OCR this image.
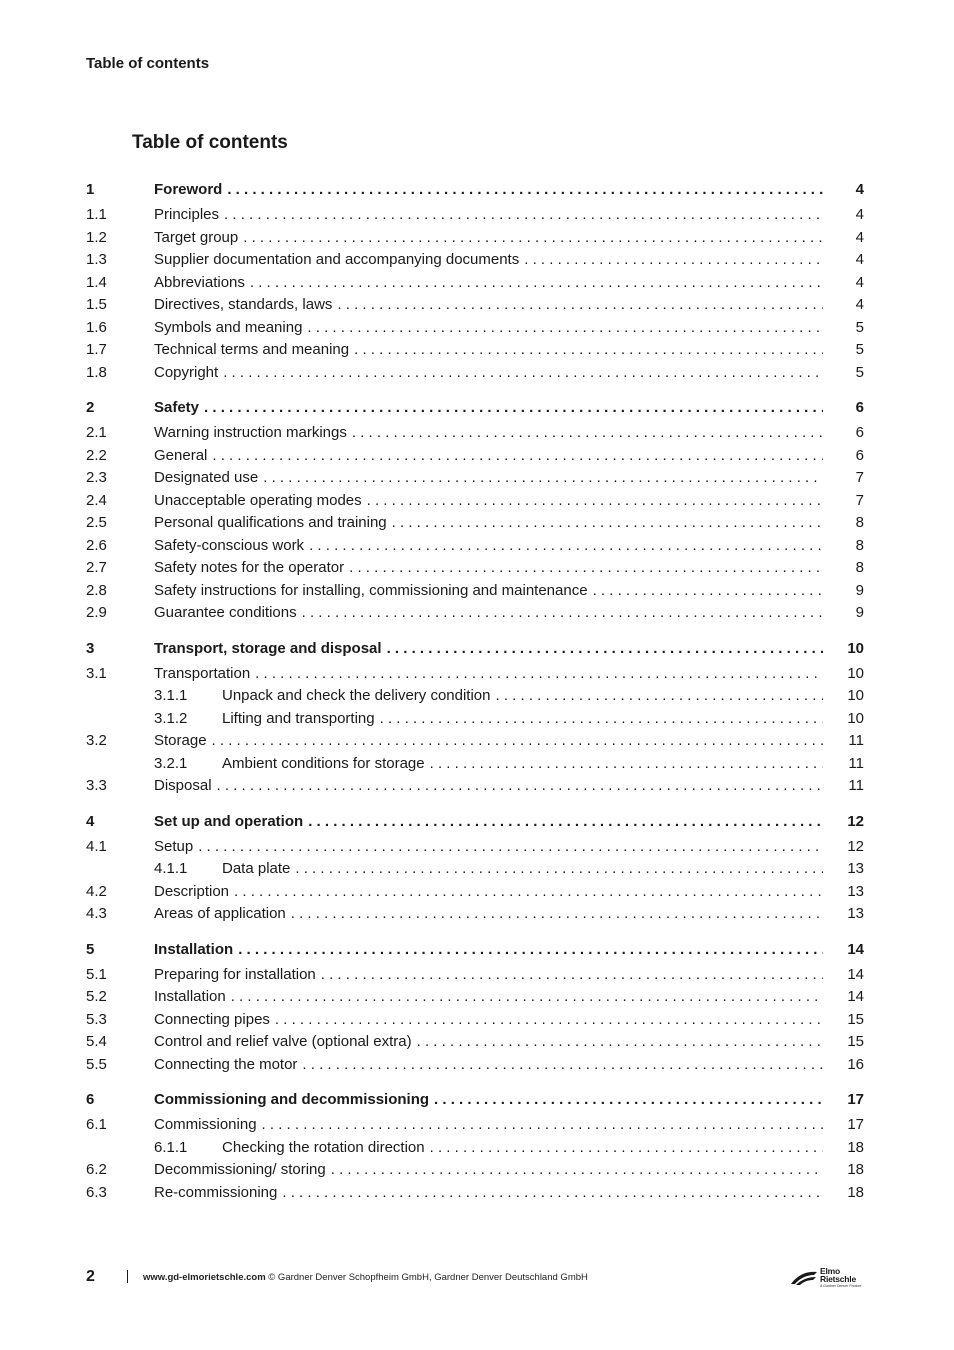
Table of contents
Table of contents
1	Foreword . . .	4
1.1	Principles . . .	4
1.2	Target group . . .	4
1.3	Supplier documentation and accompanying documents . . .	4
1.4	Abbreviations . . .	4
1.5	Directives, standards, laws . . .	4
1.6	Symbols and meaning . . .	5
1.7	Technical terms and meaning . . .	5
1.8	Copyright . . .	5
2	Safety . . .	6
2.1	Warning instruction markings . . .	6
2.2	General . . .	6
2.3	Designated use . . .	7
2.4	Unacceptable operating modes . . .	7
2.5	Personal qualifications and training . . .	8
2.6	Safety-conscious work . . .	8
2.7	Safety notes for the operator . . .	8
2.8	Safety instructions for installing, commissioning and maintenance . . .	9
2.9	Guarantee conditions . . .	9
3	Transport, storage and disposal . . .	10
3.1	Transportation . . .	10
3.1.1 Unpack and check the delivery condition . . .	10
3.1.2 Lifting and transporting . . .	10
3.2	Storage . . .	11
3.2.1 Ambient conditions for storage . . .	11
3.3	Disposal . . .	11
4	Set up and operation . . .	12
4.1	Setup . . .	12
4.1.1 Data plate . . .	13
4.2	Description . . .	13
4.3	Areas of application . . .	13
5	Installation . . .	14
5.1	Preparing for installation . . .	14
5.2	Installation . . .	14
5.3	Connecting pipes . . .	15
5.4	Control and relief valve (optional extra) . . .	15
5.5	Connecting the motor . . .	16
6	Commissioning and decommissioning . . .	17
6.1	Commissioning . . .	17
6.1.1 Checking the rotation direction . . .	18
6.2	Decommissioning/ storing . . .	18
6.3	Re-commissioning . . .	18
2	www.gd-elmorietschle.com © Gardner Denver Schopfheim GmbH, Gardner Denver Deutschland GmbH
Elmo
Rietschle
A Gardner Denver Product
